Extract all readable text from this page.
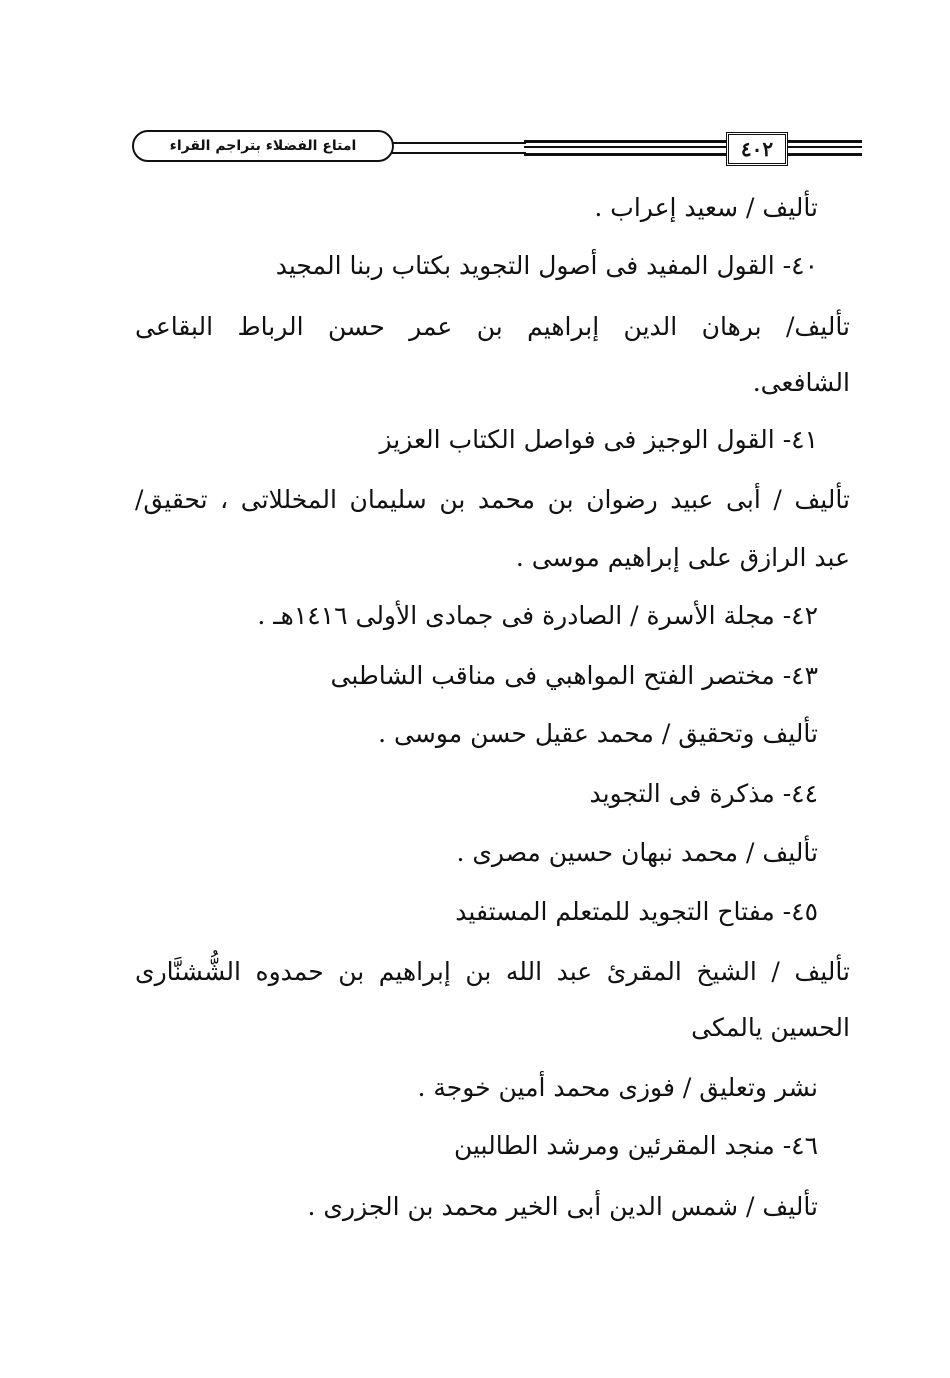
امتاع الفضلاء بتراجم القراء	٤٠٢
تأليف / سعيد إعراب .
٤٠- القول المفيد فى أصول التجويد بكتاب ربنا المجيد
تأليف/ برهان الدين إبراهيم بن عمر حسن الرباط البقاعى
الشافعى.
٤١- القول الوجيز فى فواصل الكتاب العزيز
تأليف / أبى عبيد رضوان بن محمد بن سليمان المخللاتى ، تحقيق/
عبد الرازق على إبراهيم موسى .
٤٢- مجلة الأسرة / الصادرة فى جمادى الأولى ١٤١٦هـ .
٤٣- مختصر الفتح المواهبي فى مناقب الشاطبى
تأليف وتحقيق / محمد عقيل حسن موسى .
٤٤- مذكرة فى التجويد
تأليف / محمد نبهان حسين مصرى .
٤٥- مفتاح التجويد للمتعلم المستفيد
تأليف / الشيخ المقرئ عبد الله بن إبراهيم بن حمدوه الشُّشنَّارى
الحسين يالمكى
نشر وتعليق / فوزى محمد أمين خوجة .
٤٦- منجد المقرئين ومرشد الطالبين
تأليف / شمس الدين أبى الخير محمد بن الجزرى .
